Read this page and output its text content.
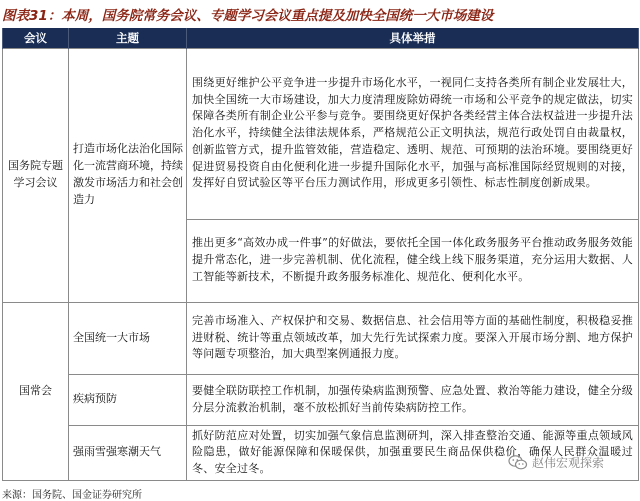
图表31：本周，国务院常务会议、专题学习会议重点提及加快全国统一大市场建设
会议	主题	具体举措
国务院专题学习会议	打造市场化法治化国际化一流营商环境，持续激发市场活力和社会创造力	围绕更好维护公平竞争进一步提升市场化水平，一视同仁支持各类所有制企业发展壮大，加快全国统一大市场建设，加大力度清理废除妨碍统一市场和公平竞争的规定做法，切实保障各类所有制企业公平参与竞争。要围绕更好保护各类经营主体合法权益进一步提升法治化水平，持续健全法律法规体系，严格规范公正文明执法，规范行政处罚自由裁量权，创新监管方式，提升监管效能，营造稳定、透明、规范、可预期的法治环境。要围绕更好促进贸易投资自由化便利化进一步提升国际化水平，加强与高标准国际经贸规则的对接，发挥好自贸试验区等平台压力测试作用，形成更多引领性、标志性制度创新成果。
		推出更多“高效办成一件事”的好做法，要依托全国一体化政务服务平台推动政务服务效能提升常态化，进一步完善机制、优化流程，健全线上线下服务渠道，充分运用大数据、人工智能等新技术，不断提升政务服务标准化、规范化、便利化水平。
国常会	全国统一大市场	完善市场准入、产权保护和交易、数据信息、社会信用等方面的基础性制度，积极稳妥推进财税、统计等重点领域改革，加大先行先试探索力度。要深入开展市场分割、地方保护等问题专项整治，加大典型案例通报力度。
	疾病预防	要健全联防联控工作机制，加强传染病监测预警、应急处置、救治等能力建设，健全分级分层分流救治机制，毫不放松抓好当前传染病防控工作。
	强雨雪强寒潮天气	抓好防范应对处置，切实加强气象信息监测研判，深入排查整治交通、能源等重点领域风险隐患，做好能源保障和保暖保供，加强重要民生商品保供稳价，确保人民群众温暖过冬、安全过冬。
来源：国务院、国金证券研究所
赵伟宏观探索
